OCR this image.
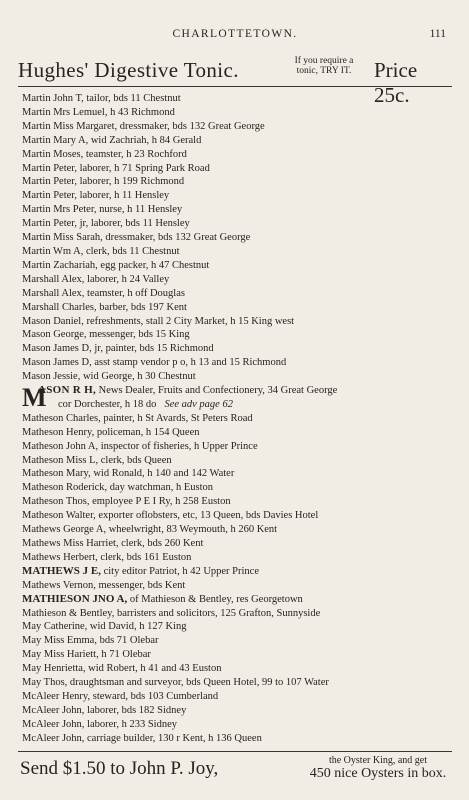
CHARLOTTETOWN.	111
Hughes' Digestive Tonic.	If you require a
tonic, TRY IT.	Price 25c.
Martin John T, tailor, bds 11 Chestnut
Martin Mrs Lemuel, h 43 Richmond
Martin Miss Margaret, dressmaker, bds 132 Great George
Martin Mary A, wid Zachriah, h 84 Gerald
Martin Moses, teamster, h 23 Rochford
Martin Peter, laborer, h 71 Spring Park Road
Martin Peter, laborer, h 199 Richmond
Martin Peter, laborer, h 11 Hensley
Martin Mrs Peter, nurse, h 11 Hensley
Martin Peter, jr, laborer, bds 11 Hensley
Martin Miss Sarah, dressmaker, bds 132 Great George
Martin Wm A, clerk, bds 11 Chestnut
Martin Zachariah, egg packer, h 47 Chestnut
Marshall Alex, laborer, h 24 Valley
Marshall Alex, teamster, h off Douglas
Marshall Charles, barber, bds 197 Kent
Mason Daniel, refreshments, stall 2 City Market, h 15 King west
Mason George, messenger, bds 15 King
Mason James D, jr, painter, bds 15 Richmond
Mason James D, asst stamp vendor p o, h 13 and 15 Richmond
Mason Jessie, wid George, h 30 Chestnut
M
ASON R H, News Dealer, Fruits and Confectionery, 34 Great George
cor Dorchester, h 18 do See adv page 62
Matheson Charles, painter, h St Avards, St Peters Road
Matheson Henry, policeman, h 154 Queen
Matheson John A, inspector of fisheries, h Upper Prince
Matheson Miss L, clerk, bds Queen
Matheson Mary, wid Ronald, h 140 and 142 Water
Matheson Roderick, day watchman, h Euston
Matheson Thos, employee P E I Ry, h 258 Euston
Matheson Walter, exporter oflobsters, etc, 13 Queen, bds Davies Hotel
Mathews George A, wheelwright, 83 Weymouth, h 260 Kent
Mathews Miss Harriet, clerk, bds 260 Kent
Mathews Herbert, clerk, bds 161 Euston
MATHEWS J E, city editor Patriot, h 42 Upper Prince
Mathews Vernon, messenger, bds Kent
MATHIESON JNO A, of Mathieson & Bentley, res Georgetown
Mathieson & Bentley, barristers and solicitors, 125 Grafton, Sunnyside
May Catherine, wid David, h 127 King
May Miss Emma, bds 71 Olebar
May Miss Hariett, h 71 Olebar
May Henrietta, wid Robert, h 41 and 43 Euston
May Thos, draughtsman and surveyor, bds Queen Hotel, 99 to 107 Water
McAleer Henry, steward, bds 103 Cumberland
McAleer John, laborer, bds 182 Sidney
McAleer John, laborer, h 233 Sidney
McAleer John, carriage builder, 130 r Kent, h 136 Queen
Send $1.50 to John P. Joy,	the Oyster King, and get
450 nice Oysters in box.
